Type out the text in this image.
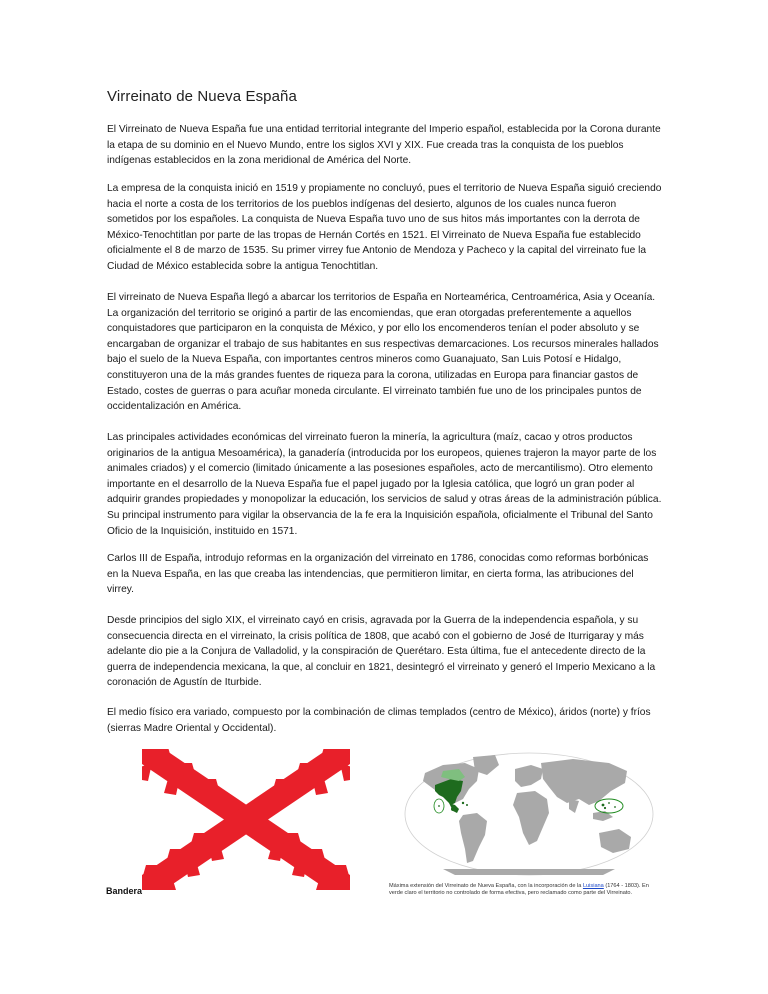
Virreinato de Nueva España

El Virreinato de Nueva España fue una entidad territorial integrante del Imperio español, establecida por la Corona durante la etapa de su dominio en el Nuevo Mundo, entre los siglos XVI y XIX. Fue creada tras la conquista de los pueblos indígenas establecidos en la zona meridional de América del Norte.

La empresa de la conquista inició en 1519 y propiamente no concluyó, pues el territorio de Nueva España siguió creciendo hacia el norte a costa de los territorios de los pueblos indígenas del desierto, algunos de los cuales nunca fueron sometidos por los españoles. La conquista de Nueva España tuvo uno de sus hitos más importantes con la derrota de México-Tenochtitlan por parte de las tropas de Hernán Cortés en 1521. El Virreinato de Nueva España fue establecido oficialmente el 8 de marzo de 1535. Su primer virrey fue Antonio de Mendoza y Pacheco y la capital del virreinato fue la Ciudad de México establecida sobre la antigua Tenochtitlan.

El virreinato de Nueva España llegó a abarcar los territorios de España en Norteamérica, Centroamérica, Asia y Oceanía. La organización del territorio se originó a partir de las encomiendas, que eran otorgadas preferentemente a aquellos conquistadores que participaron en la conquista de México, y por ello los encomenderos tenían el poder absoluto y se encargaban de organizar el trabajo de sus habitantes en sus respectivas demarcaciones. Los recursos minerales hallados bajo el suelo de la Nueva España, con importantes centros mineros como Guanajuato, San Luis Potosí e Hidalgo, constituyeron una de la más grandes fuentes de riqueza para la corona, utilizadas en Europa para financiar gastos de Estado, costes de guerras o para acuñar moneda circulante. El virreinato también fue uno de los principales puntos de occidentalización en América.

Las principales actividades económicas del virreinato fueron la minería, la agricultura (maíz, cacao y otros productos originarios de la antigua Mesoamérica), la ganadería (introducida por los europeos, quienes trajeron la mayor parte de los animales criados) y el comercio (limitado únicamente a las posesiones españoles, acto de mercantilismo). Otro elemento importante en el desarrollo de la Nueva España fue el papel jugado por la Iglesia católica, que logró un gran poder al adquirir grandes propiedades y monopolizar la educación, los servicios de salud y otras áreas de la administración pública. Su principal instrumento para vigilar la observancia de la fe era la Inquisición española, oficialmente el Tribunal del Santo Oficio de la Inquisición, instituido en 1571.

Carlos III de España, introdujo reformas en la organización del virreinato en 1786, conocidas como reformas borbónicas en la Nueva España, en las que creaba las intendencias, que permitieron limitar, en cierta forma, las atribuciones del virrey.

Desde principios del siglo XIX, el virreinato cayó en crisis, agravada por la Guerra de la independencia española, y su consecuencia directa en el virreinato, la crisis política de 1808, que acabó con el gobierno de José de Iturrigaray y más adelante dio pie a la Conjura de Valladolid, y la conspiración de Querétaro. Esta última, fue el antecedente directo de la guerra de independencia mexicana, la que, al concluir en 1821, desintegró el virreinato y generó el Imperio Mexicano a la coronación de Agustín de Iturbide.

El medio físico era variado, compuesto por la combinación de climas templados (centro de México), áridos (norte) y fríos (sierras Madre Oriental y Occidental).

Bandera	Máxima extensión del Virreinato de Nueva España, con la incorporación de la Luisiana (1764 - 1803). En verde claro el territorio no controlado de forma efectiva, pero reclamado como parte del Virreinato.
